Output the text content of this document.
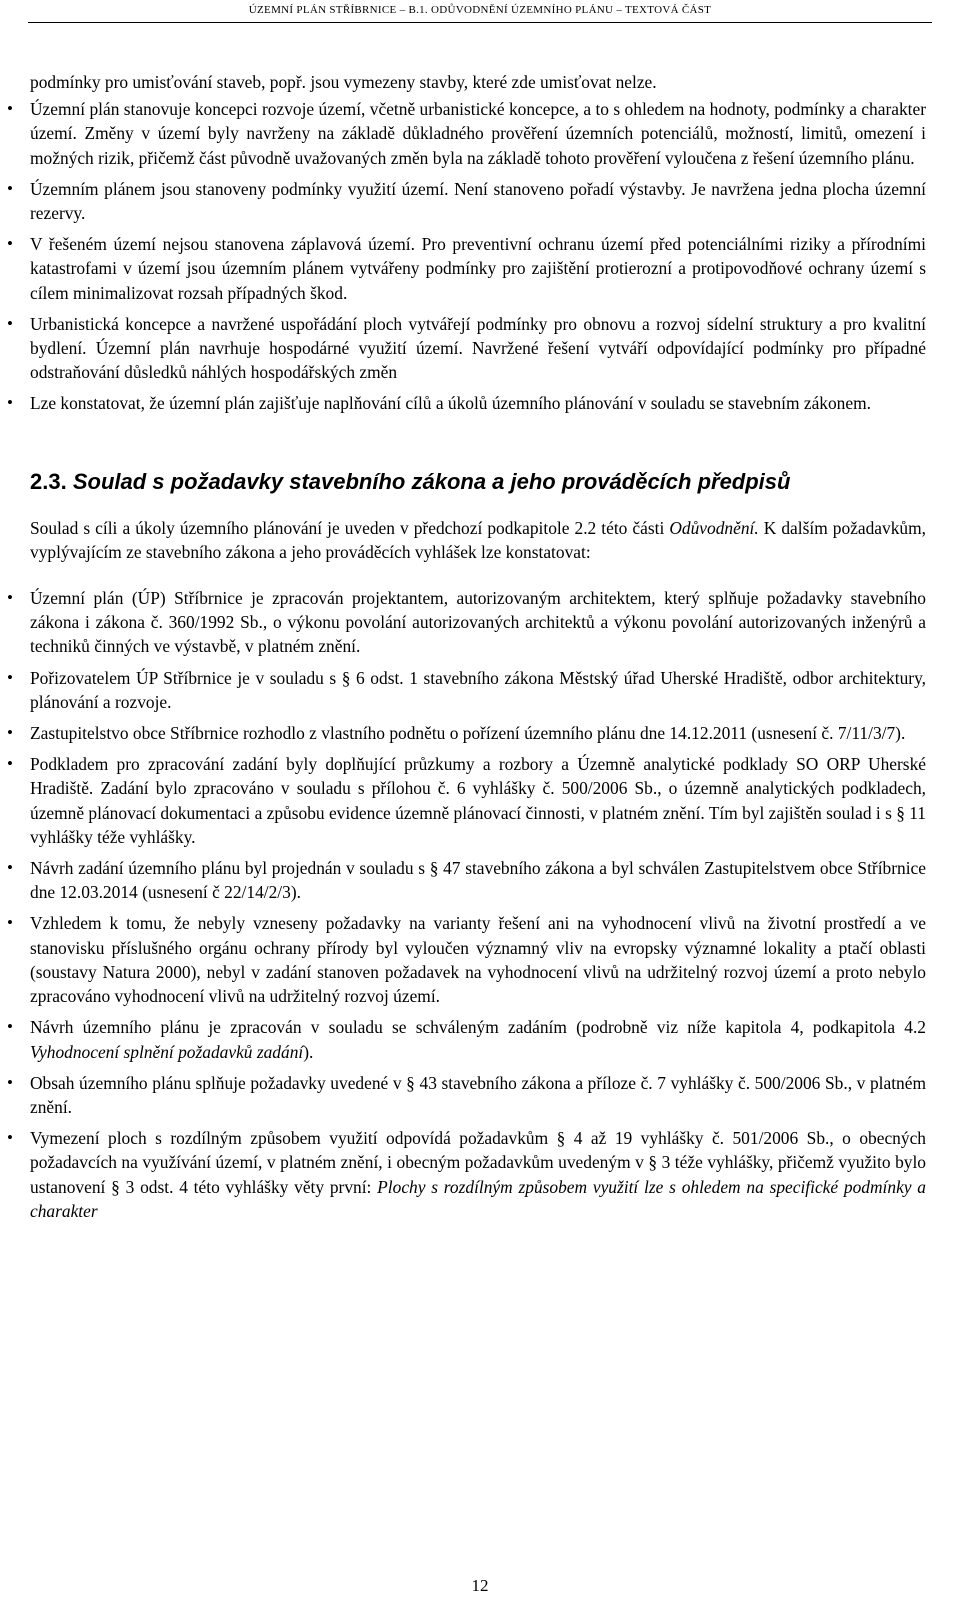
ÚZEMNÍ PLÁN STŘÍBRNICE – B.1. ODŮVODNĚNÍ ÚZEMNÍHO PLÁNU – TEXTOVÁ ČÁST

podmínky pro umisťování staveb, popř. jsou vymezeny stavby, které zde umisťovat nelze.

• Územní plán stanovuje koncepci rozvoje území, včetně urbanistické koncepce, a to s ohledem na hodnoty, podmínky a charakter území. Změny v území byly navrženy na základě důkladného prověření územních potenciálů, možností, limitů, omezení i možných rizik, přičemž část původně uvažovaných změn byla na základě tohoto prověření vyloučena z řešení územního plánu.
• Územním plánem jsou stanoveny podmínky využití území. Není stanoveno pořadí výstavby. Je navržena jedna plocha územní rezervy.
• V řešeném území nejsou stanovena záplavová území. Pro preventivní ochranu území před potenciálními riziky a přírodními katastrofami v území jsou územním plánem vytvářeny podmínky pro zajištění protierozní a protipovodňové ochrany území s cílem minimalizovat rozsah případných škod.
• Urbanistická koncepce a navržené uspořádání ploch vytvářejí podmínky pro obnovu a rozvoj sídelní struktury a pro kvalitní bydlení. Územní plán navrhuje hospodárné využití území. Navržené řešení vytváří odpovídající podmínky pro případné odstraňování důsledků náhlých hospodářských změn
• Lze konstatovat, že územní plán zajišťuje naplňování cílů a úkolů územního plánování v souladu se stavebním zákonem.
2.3. Soulad s požadavky stavebního zákona a jeho prováděcích předpisů

Soulad s cíli a úkoly územního plánování je uveden v předchozí podkapitole 2.2 této části Odůvodnění. K dalším požadavkům, vyplývajícím ze stavebního zákona a jeho prováděcích vyhlášek lze konstatovat:

• Územní plán (ÚP) Stříbrnice je zpracován projektantem, autorizovaným architektem, který splňuje požadavky stavebního zákona i zákona č. 360/1992 Sb., o výkonu povolání autorizovaných architektů a výkonu povolání autorizovaných inženýrů a techniků činných ve výstavbě, v platném znění.
• Pořizovatelem ÚP Stříbrnice je v souladu s § 6 odst. 1 stavebního zákona Městský úřad Uherské Hradiště, odbor architektury, plánování a rozvoje.
• Zastupitelstvo obce Stříbrnice rozhodlo z vlastního podnětu o pořízení územního plánu dne 14.12.2011 (usnesení č. 7/11/3/7).
• Podkladem pro zpracování zadání byly doplňující průzkumy a rozbory a Územně analytické podklady SO ORP Uherské Hradiště. Zadání bylo zpracováno v souladu s přílohou č. 6 vyhlášky č. 500/2006 Sb., o územně analytických podkladech, územně plánovací dokumentaci a způsobu evidence územně plánovací činnosti, v platném znění. Tím byl zajištěn soulad i s § 11 vyhlášky téže vyhlášky.
• Návrh zadání územního plánu byl projednán v souladu s § 47 stavebního zákona a byl schválen Zastupitelstvem obce Stříbrnice dne 12.03.2014 (usnesení č 22/14/2/3).
• Vzhledem k tomu, že nebyly vzneseny požadavky na varianty řešení ani na vyhodnocení vlivů na životní prostředí a ve stanovisku příslušného orgánu ochrany přírody byl vyloučen významný vliv na evropsky významné lokality a ptačí oblasti (soustavy Natura 2000), nebyl v zadání stanoven požadavek na vyhodnocení vlivů na udržitelný rozvoj území a proto nebylo zpracováno vyhodnocení vlivů na udržitelný rozvoj území.
• Návrh územního plánu je zpracován v souladu se schváleným zadáním (podrobně viz níže kapitola 4, podkapitola 4.2 Vyhodnocení splnění požadavků zadání).
• Obsah územního plánu splňuje požadavky uvedené v § 43 stavebního zákona a příloze č. 7 vyhlášky č. 500/2006 Sb., v platném znění.
• Vymezení ploch s rozdílným způsobem využití odpovídá požadavkům § 4 až 19 vyhlášky č. 501/2006 Sb., o obecných požadavcích na využívání území, v platném znění, i obecným požadavkům uvedeným v § 3 téže vyhlášky, přičemž využito bylo ustanovení § 3 odst. 4 této vyhlášky věty první: Plochy s rozdílným způsobem využití lze s ohledem na specifické podmínky a charakter
12
